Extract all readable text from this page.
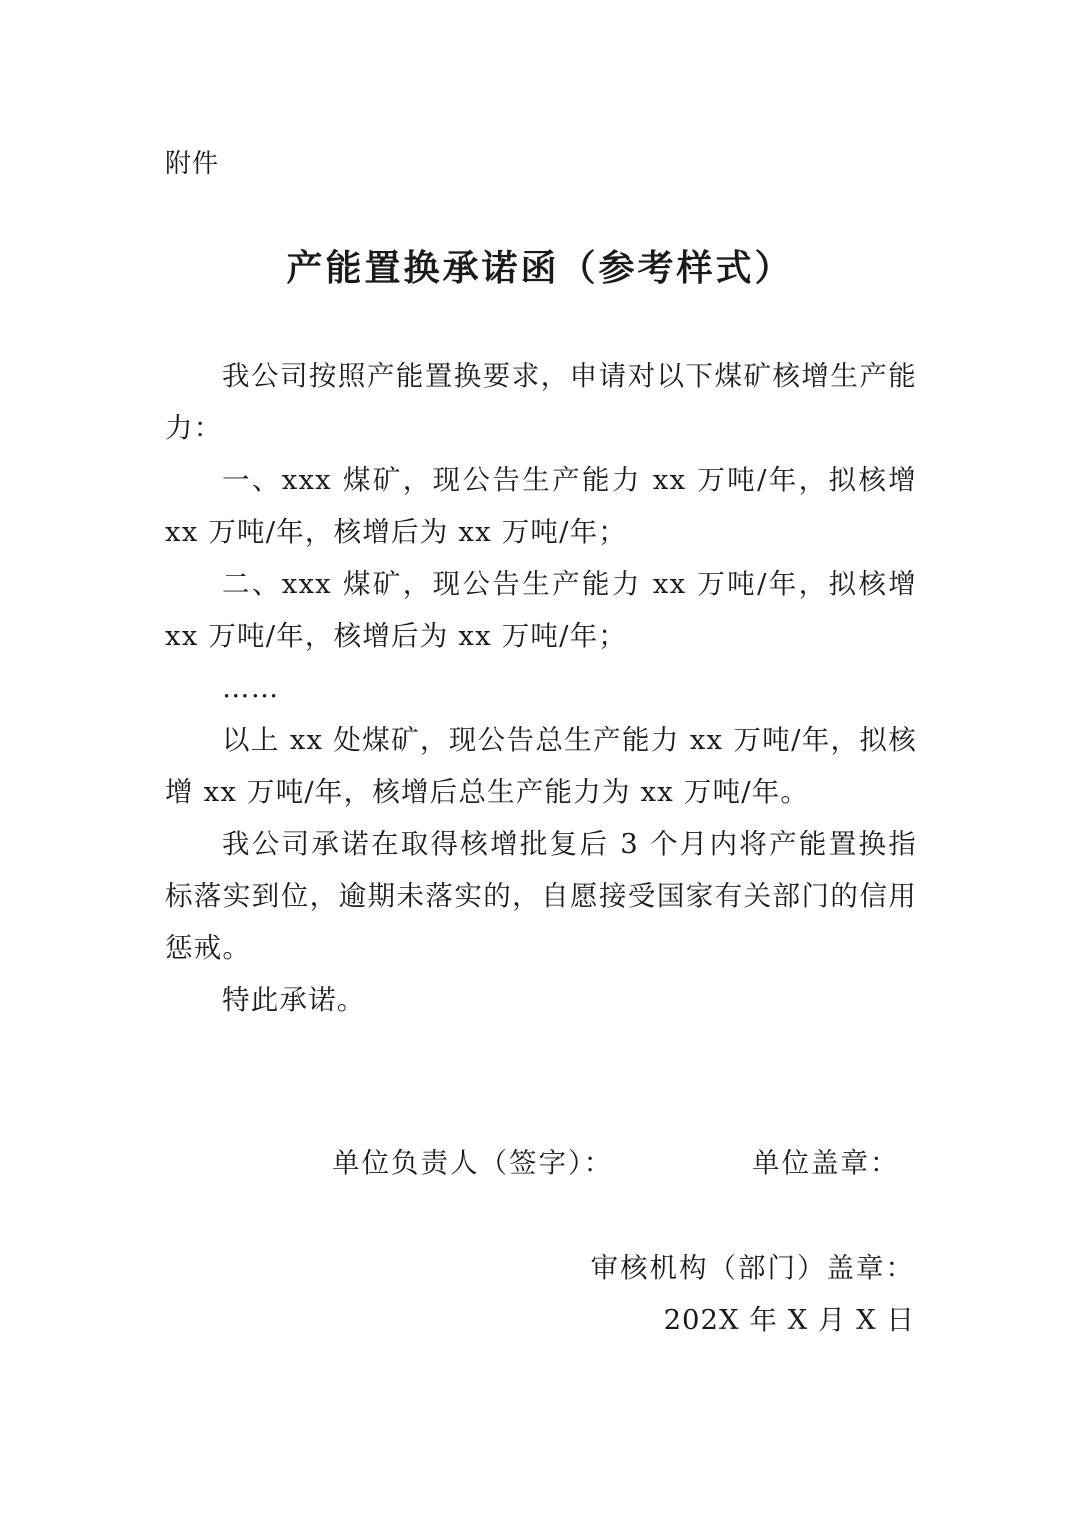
附件
产能置换承诺函（参考样式）

我公司按照产能置换要求，申请对以下煤矿核增生产能力：

一、xxx 煤矿，现公告生产能力 xx 万吨/年，拟核增 xx 万吨/年，核增后为 xx 万吨/年；

二、xxx 煤矿，现公告生产能力 xx 万吨/年，拟核增 xx 万吨/年，核增后为 xx 万吨/年；

……

以上 xx 处煤矿，现公告总生产能力 xx 万吨/年，拟核增 xx 万吨/年，核增后总生产能力为 xx 万吨/年。

我公司承诺在取得核增批复后 3 个月内将产能置换指标落实到位，逾期未落实的，自愿接受国家有关部门的信用惩戒。

特此承诺。

单位负责人（签字）：	单位盖章：
审核机构（部门）盖章：
202X 年 X 月 X 日
